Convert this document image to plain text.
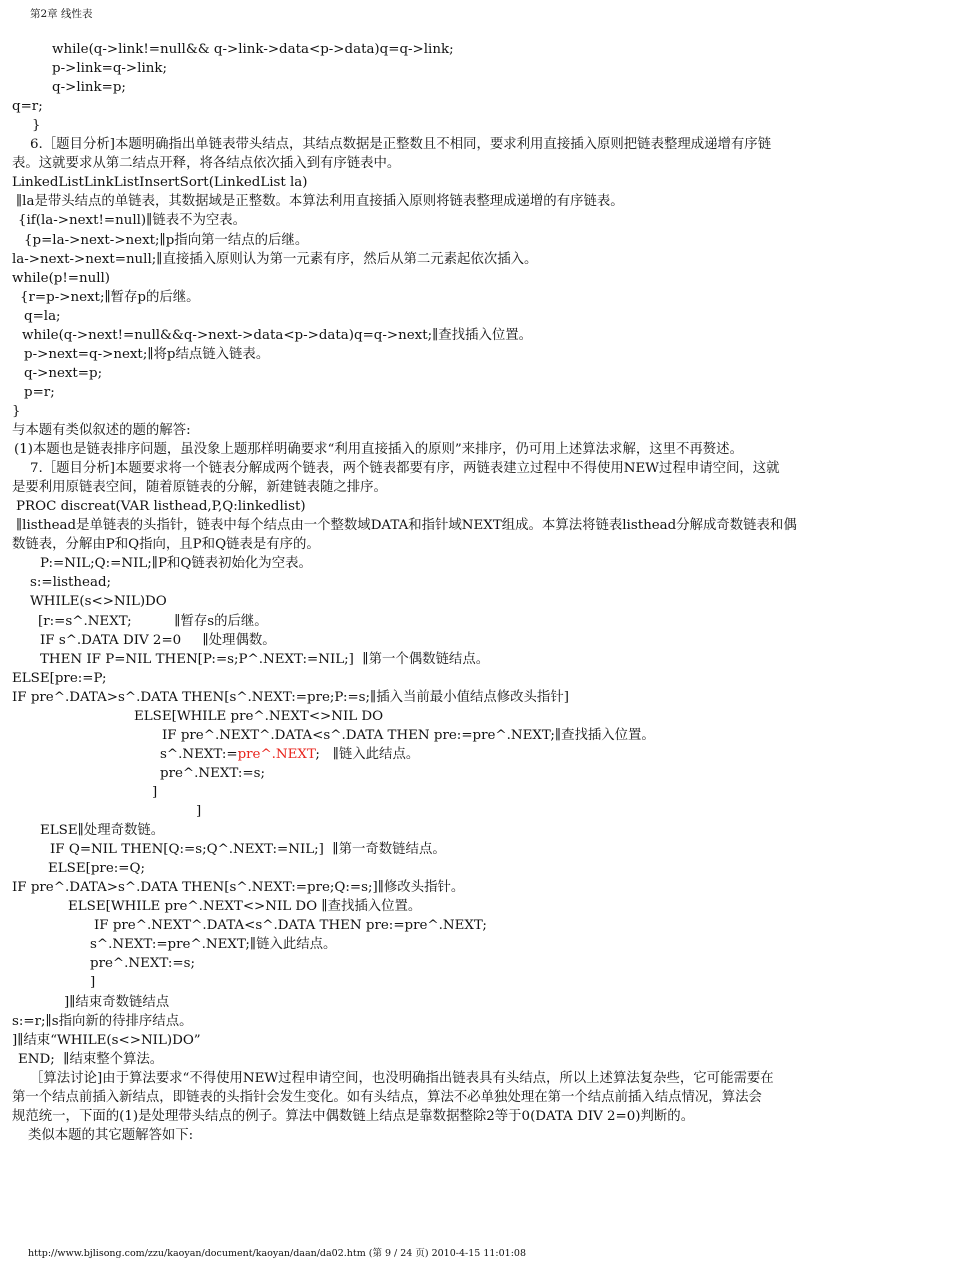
第2章 线性表
while(q->link!=null&& q->link->data<p->data)q=q->link;
p->link=q->link;
q->link=p;
q=r;
}
6.［题目分析]本题明确指出单链表带头结点，其结点数据是正整数且不相同，要求利用直接插入原则把链表整理成递增有序链
表。这就要求从第二结点开释，将各结点依次插入到有序链表中。
LinkedListLinkListInsertSort(LinkedList la)
∥la是带头结点的单链表，其数据域是正整数。本算法利用直接插入原则将链表整理成递增的有序链表。
{if(la->next!=null)∥链表不为空表。
{p=la->next->next;∥p指向第一结点的后继。
la->next->next=null;∥直接插入原则认为第一元素有序，然后从第二元素起依次插入。
while(p!=null)
{r=p->next;∥暂存p的后继。
q=la;
while(q->next!=null&&q->next->data<p->data)q=q->next;∥查找插入位置。
p->next=q->next;∥将p结点链入链表。
q->next=p;
p=r;
}
与本题有类似叙述的题的解答:
(1)本题也是链表排序问题，虽没象上题那样明确要求“利用直接插入的原则”来排序，仍可用上述算法求解，这里不再赘述。
7.［题目分析]本题要求将一个链表分解成两个链表，两个链表都要有序，两链表建立过程中不得使用NEW过程申请空间，这就
是要利用原链表空间，随着原链表的分解，新建链表随之排序。
PROC discreat(VAR listhead,P,Q:linkedlist)
∥listhead是单链表的头指针，链表中每个结点由一个整数域DATA和指针域NEXT组成。本算法将链表listhead分解成奇数链表和偶
数链表，分解由P和Q指向，且P和Q链表是有序的。
P:=NIL;Q:=NIL;∥P和Q链表初始化为空表。
s:=listhead;
WHILE(s<>NIL)DO
[r:=s^.NEXT;          ∥暂存s的后继。
IF s^.DATA DIV 2=0     ∥处理偶数。
THEN IF P=NIL THEN[P:=s;P^.NEXT:=NIL;]  ∥第一个偶数链结点。
ELSE[pre:=P;
IF pre^.DATA>s^.DATA THEN[s^.NEXT:=pre;P:=s;∥插入当前最小值结点修改头指针]
ELSE[WHILE pre^.NEXT<>NIL DO
IF pre^.NEXT^.DATA<s^.DATA THEN pre:=pre^.NEXT;∥查找插入位置。
s^.NEXT:=pre^.NEXT;   ∥链入此结点。
pre^.NEXT:=s;
]
]
ELSE∥处理奇数链。
IF Q=NIL THEN[Q:=s;Q^.NEXT:=NIL;]  ∥第一奇数链结点。
ELSE[pre:=Q;
IF pre^.DATA>s^.DATA THEN[s^.NEXT:=pre;Q:=s;]∥修改头指针。
ELSE[WHILE pre^.NEXT<>NIL DO ∥查找插入位置。
IF pre^.NEXT^.DATA<s^.DATA THEN pre:=pre^.NEXT;
s^.NEXT:=pre^.NEXT;∥链入此结点。
pre^.NEXT:=s;
]
]∥结束奇数链结点
s:=r;∥s指向新的待排序结点。
]∥结束“WHILE(s<>NIL)DO”
END;  ∥结束整个算法。
［算法讨论]由于算法要求“不得使用NEW过程申请空间，也没明确指出链表具有头结点，所以上述算法复杂些，它可能需要在
第一个结点前插入新结点，即链表的头指针会发生变化。如有头结点，算法不必单独处理在第一个结点前插入结点情况，算法会
规范统一，下面的(1)是处理带头结点的例子。算法中偶数链上结点是靠数据整除2等于0(DATA DIV 2=0)判断的。
类似本题的其它题解答如下:
http://www.bjlisong.com/zzu/kaoyan/document/kaoyan/daan/da02.htm (第 9 / 24 页) 2010-4-15 11:01:08
